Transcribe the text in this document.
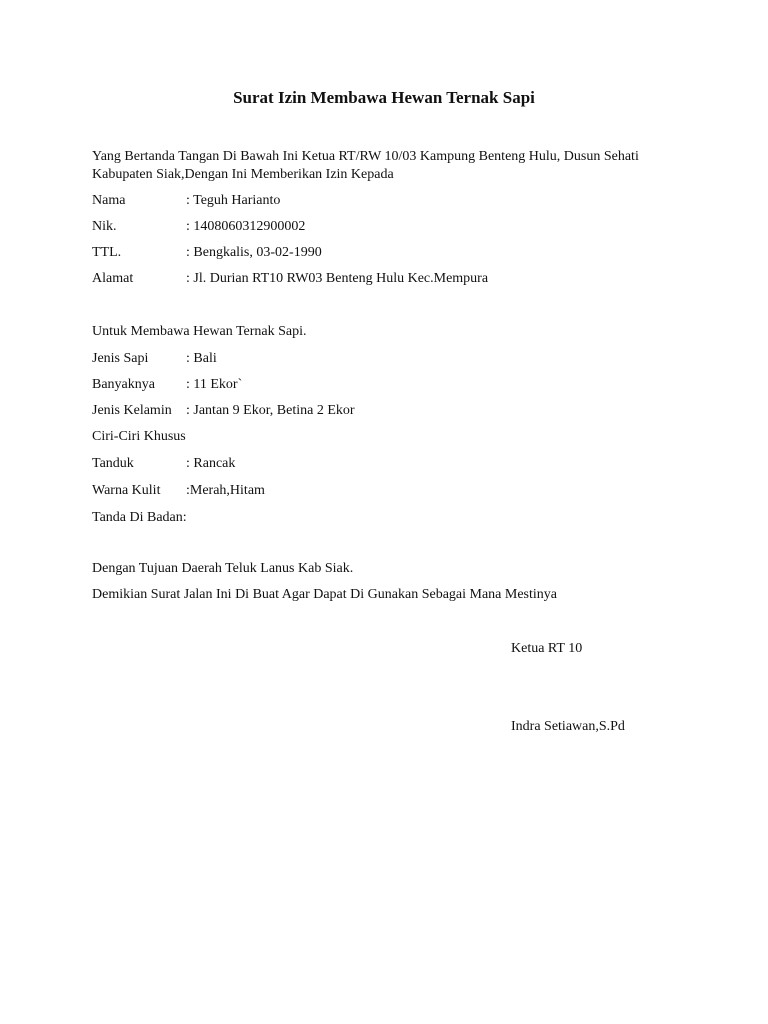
Surat Izin Membawa Hewan Ternak Sapi
Yang Bertanda Tangan Di Bawah Ini Ketua RT/RW 10/03 Kampung Benteng Hulu, Dusun Sehati
Kabupaten Siak,Dengan Ini Memberikan Izin Kepada
Nama	: Teguh Harianto
Nik.	: 1408060312900002
TTL.	: Bengkalis, 03-02-1990
Alamat	: Jl. Durian RT10 RW03 Benteng Hulu Kec.Mempura
Untuk Membawa Hewan Ternak Sapi.
Jenis Sapi	: Bali
Banyaknya : 11 Ekor`
Jenis Kelamin : Jantan 9 Ekor, Betina 2 Ekor
Ciri-Ciri Khusus
Tanduk	: Rancak
Warna Kulit :Merah,Hitam
Tanda Di Badan:
Dengan Tujuan Daerah Teluk Lanus Kab Siak.
Demikian Surat Jalan Ini Di Buat Agar Dapat Di Gunakan Sebagai Mana Mestinya
Ketua RT 10
Indra Setiawan,S.Pd
